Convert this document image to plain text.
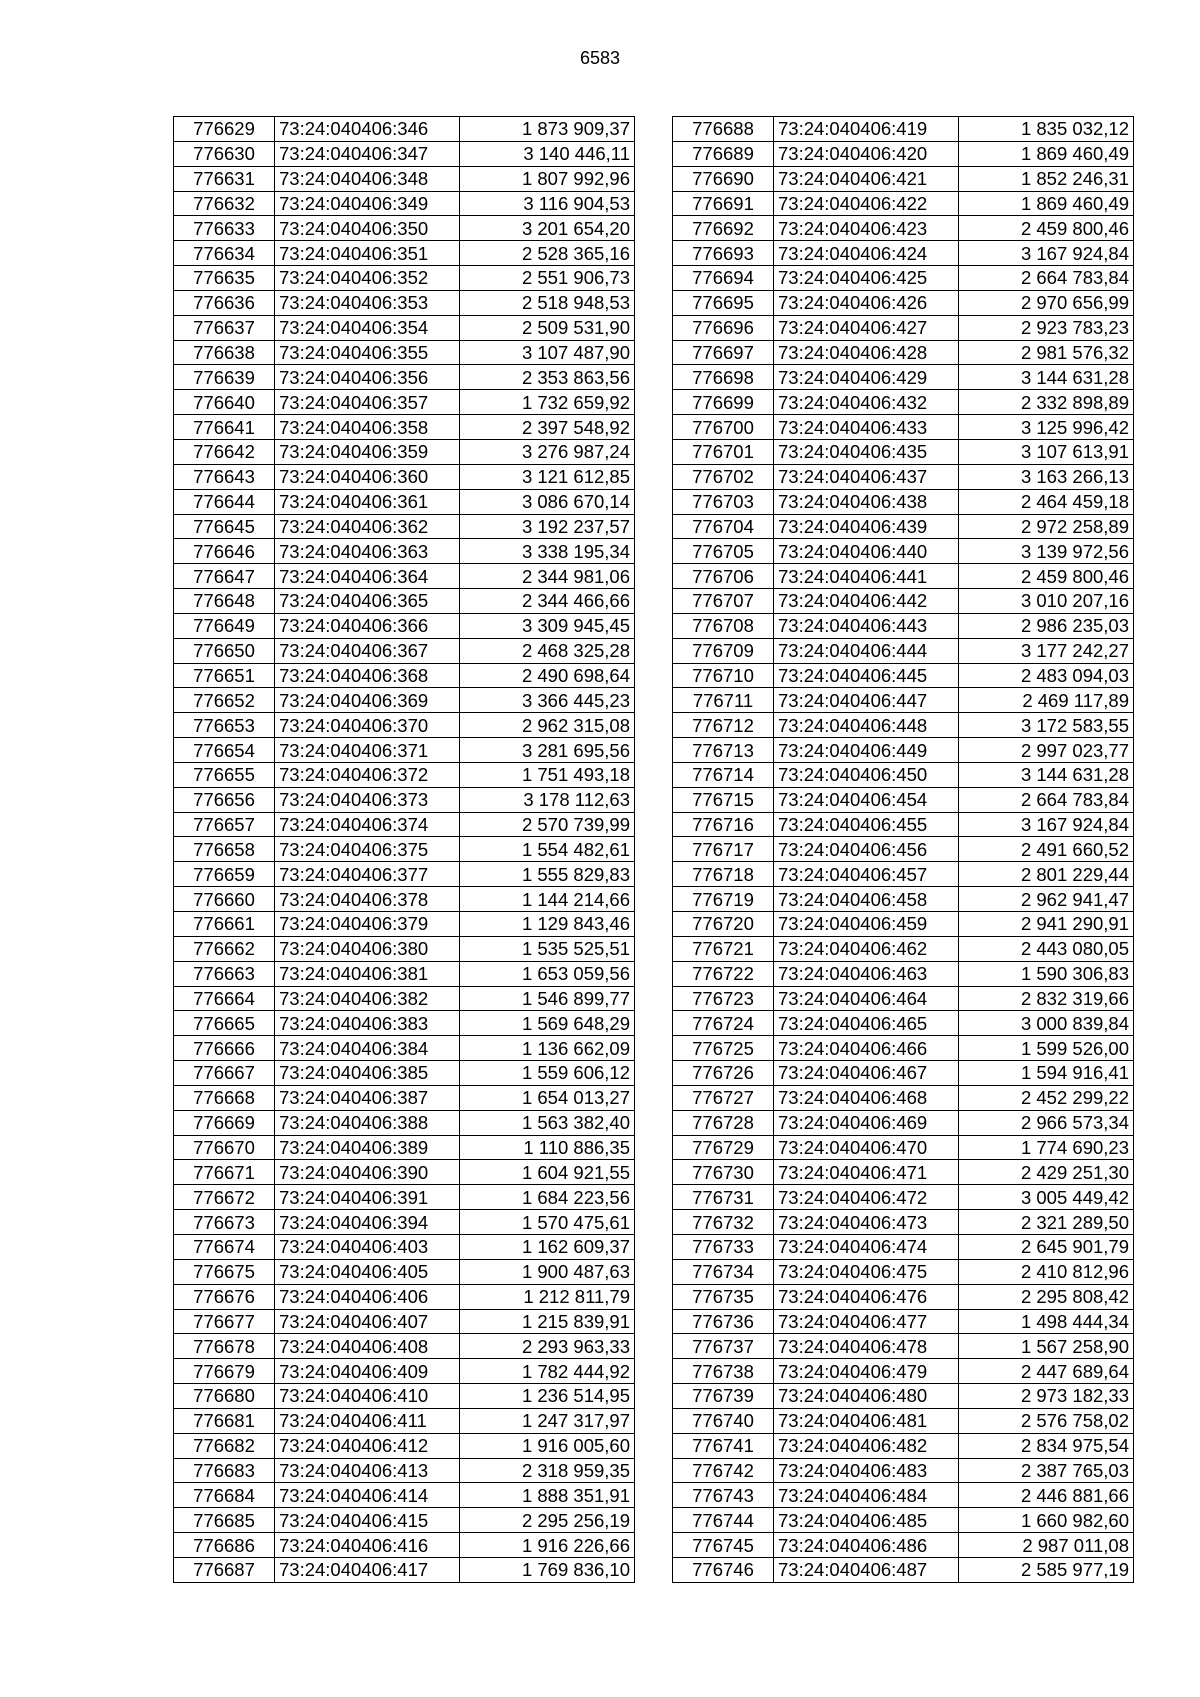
6583
776629	73:24:040406:346	1 873 909,37
776630	73:24:040406:347	3 140 446,11
776631	73:24:040406:348	1 807 992,96
776632	73:24:040406:349	3 116 904,53
776633	73:24:040406:350	3 201 654,20
776634	73:24:040406:351	2 528 365,16
776635	73:24:040406:352	2 551 906,73
776636	73:24:040406:353	2 518 948,53
776637	73:24:040406:354	2 509 531,90
776638	73:24:040406:355	3 107 487,90
776639	73:24:040406:356	2 353 863,56
776640	73:24:040406:357	1 732 659,92
776641	73:24:040406:358	2 397 548,92
776642	73:24:040406:359	3 276 987,24
776643	73:24:040406:360	3 121 612,85
776644	73:24:040406:361	3 086 670,14
776645	73:24:040406:362	3 192 237,57
776646	73:24:040406:363	3 338 195,34
776647	73:24:040406:364	2 344 981,06
776648	73:24:040406:365	2 344 466,66
776649	73:24:040406:366	3 309 945,45
776650	73:24:040406:367	2 468 325,28
776651	73:24:040406:368	2 490 698,64
776652	73:24:040406:369	3 366 445,23
776653	73:24:040406:370	2 962 315,08
776654	73:24:040406:371	3 281 695,56
776655	73:24:040406:372	1 751 493,18
776656	73:24:040406:373	3 178 112,63
776657	73:24:040406:374	2 570 739,99
776658	73:24:040406:375	1 554 482,61
776659	73:24:040406:377	1 555 829,83
776660	73:24:040406:378	1 144 214,66
776661	73:24:040406:379	1 129 843,46
776662	73:24:040406:380	1 535 525,51
776663	73:24:040406:381	1 653 059,56
776664	73:24:040406:382	1 546 899,77
776665	73:24:040406:383	1 569 648,29
776666	73:24:040406:384	1 136 662,09
776667	73:24:040406:385	1 559 606,12
776668	73:24:040406:387	1 654 013,27
776669	73:24:040406:388	1 563 382,40
776670	73:24:040406:389	1 110 886,35
776671	73:24:040406:390	1 604 921,55
776672	73:24:040406:391	1 684 223,56
776673	73:24:040406:394	1 570 475,61
776674	73:24:040406:403	1 162 609,37
776675	73:24:040406:405	1 900 487,63
776676	73:24:040406:406	1 212 811,79
776677	73:24:040406:407	1 215 839,91
776678	73:24:040406:408	2 293 963,33
776679	73:24:040406:409	1 782 444,92
776680	73:24:040406:410	1 236 514,95
776681	73:24:040406:411	1 247 317,97
776682	73:24:040406:412	1 916 005,60
776683	73:24:040406:413	2 318 959,35
776684	73:24:040406:414	1 888 351,91
776685	73:24:040406:415	2 295 256,19
776686	73:24:040406:416	1 916 226,66
776687	73:24:040406:417	1 769 836,10
776688	73:24:040406:419	1 835 032,12
776689	73:24:040406:420	1 869 460,49
776690	73:24:040406:421	1 852 246,31
776691	73:24:040406:422	1 869 460,49
776692	73:24:040406:423	2 459 800,46
776693	73:24:040406:424	3 167 924,84
776694	73:24:040406:425	2 664 783,84
776695	73:24:040406:426	2 970 656,99
776696	73:24:040406:427	2 923 783,23
776697	73:24:040406:428	2 981 576,32
776698	73:24:040406:429	3 144 631,28
776699	73:24:040406:432	2 332 898,89
776700	73:24:040406:433	3 125 996,42
776701	73:24:040406:435	3 107 613,91
776702	73:24:040406:437	3 163 266,13
776703	73:24:040406:438	2 464 459,18
776704	73:24:040406:439	2 972 258,89
776705	73:24:040406:440	3 139 972,56
776706	73:24:040406:441	2 459 800,46
776707	73:24:040406:442	3 010 207,16
776708	73:24:040406:443	2 986 235,03
776709	73:24:040406:444	3 177 242,27
776710	73:24:040406:445	2 483 094,03
776711	73:24:040406:447	2 469 117,89
776712	73:24:040406:448	3 172 583,55
776713	73:24:040406:449	2 997 023,77
776714	73:24:040406:450	3 144 631,28
776715	73:24:040406:454	2 664 783,84
776716	73:24:040406:455	3 167 924,84
776717	73:24:040406:456	2 491 660,52
776718	73:24:040406:457	2 801 229,44
776719	73:24:040406:458	2 962 941,47
776720	73:24:040406:459	2 941 290,91
776721	73:24:040406:462	2 443 080,05
776722	73:24:040406:463	1 590 306,83
776723	73:24:040406:464	2 832 319,66
776724	73:24:040406:465	3 000 839,84
776725	73:24:040406:466	1 599 526,00
776726	73:24:040406:467	1 594 916,41
776727	73:24:040406:468	2 452 299,22
776728	73:24:040406:469	2 966 573,34
776729	73:24:040406:470	1 774 690,23
776730	73:24:040406:471	2 429 251,30
776731	73:24:040406:472	3 005 449,42
776732	73:24:040406:473	2 321 289,50
776733	73:24:040406:474	2 645 901,79
776734	73:24:040406:475	2 410 812,96
776735	73:24:040406:476	2 295 808,42
776736	73:24:040406:477	1 498 444,34
776737	73:24:040406:478	1 567 258,90
776738	73:24:040406:479	2 447 689,64
776739	73:24:040406:480	2 973 182,33
776740	73:24:040406:481	2 576 758,02
776741	73:24:040406:482	2 834 975,54
776742	73:24:040406:483	2 387 765,03
776743	73:24:040406:484	2 446 881,66
776744	73:24:040406:485	1 660 982,60
776745	73:24:040406:486	2 987 011,08
776746	73:24:040406:487	2 585 977,19
